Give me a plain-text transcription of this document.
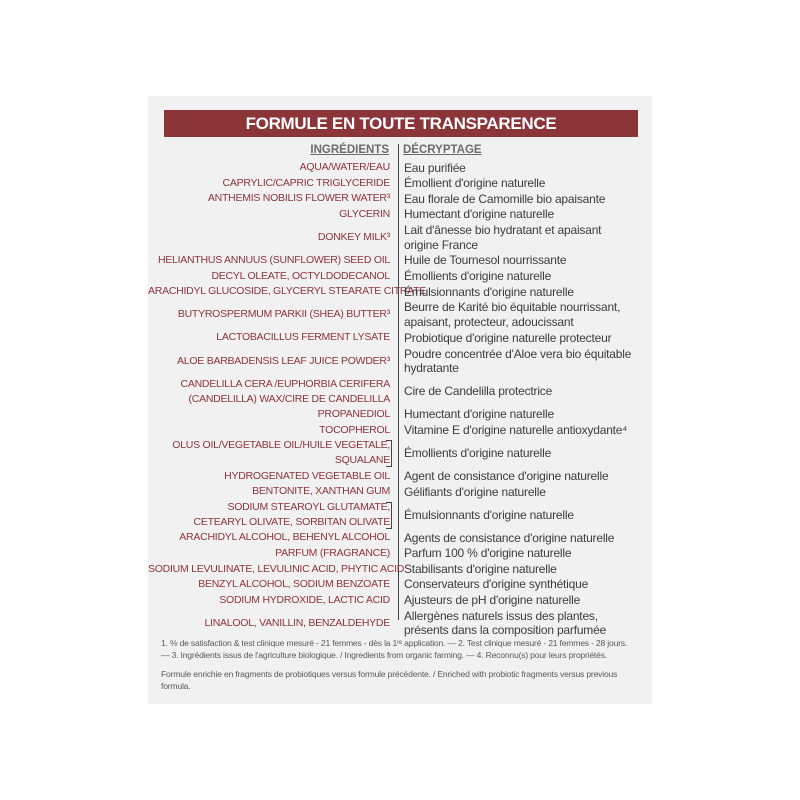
FORMULE EN TOUTE TRANSPARENCE
INGRÉDIENTS DÉCRYPTAGE
AQUA/WATER/EAU Eau purifiée
CAPRYLIC/CAPRIC TRIGLYCERIDE Émollient d'origine naturelle
ANTHEMIS NOBILIS FLOWER WATER³ Eau florale de Camomille bio apaisante
GLYCERIN Humectant d'origine naturelle
DONKEY MILK³ Lait d'ânesse bio hydratant et apaisant
origine France
HELIANTHUS ANNUUS (SUNFLOWER) SEED OIL Huile de Tournesol nourrissante
DECYL OLEATE, OCTYLDODECANOL Émollients d'origine naturelle
ARACHIDYL GLUCOSIDE, GLYCERYL STEARATE CITRATE
Émulsionnants d'origine naturelle
BUTYROSPERMUM PARKII (SHEA) BUTTER³ Beurre de Karité bio équitable nourrissant,
apaisant, protecteur, adoucissant
LACTOBACILLUS FERMENT LYSATE Probiotique d'origine naturelle protecteur
ALOE BARBADENSIS LEAF JUICE POWDER³ Poudre concentrée d'Aloe vera bio équitable
hydratante
CANDELILLA CERA /EUPHORBIA CERIFERA
(CANDELILLA) WAX/CIRE DE CANDELILLA
Cire de Candelilla protectrice
PROPANEDIOL Humectant d'origine naturelle
TOCOPHEROL Vitamine E d'origine naturelle antioxydante⁴
OLUS OIL/VEGETABLE OIL/HUILE VEGETALE,
SQUALANE
Émollients d'origine naturelle
HYDROGENATED VEGETABLE OIL Agent de consistance d'origine naturelle
BENTONITE, XANTHAN GUM Gélifiants d'origine naturelle
SODIUM STEAROYL GLUTAMATE,
CETEARYL OLIVATE, SORBITAN OLIVATE
Émulsionnants d'origine naturelle
ARACHIDYL ALCOHOL, BEHENYL ALCOHOL Agents de consistance d'origine naturelle
PARFUM (FRAGRANCE) Parfum 100 % d'origine naturelle
SODIUM LEVULINATE, LEVULINIC ACID, PHYTIC ACID Stabilisants d'origine naturelle
BENZYL ALCOHOL, SODIUM BENZOATE Conservateurs d'origine synthétique
SODIUM HYDROXIDE, LACTIC ACID Ajusteurs de pH d'origine naturelle
LINALOOL, VANILLIN, BENZALDEHYDE Allergènes naturels issus des plantes,
présents dans la composition parfumée
1. % de satisfaction & test clinique mesuré - 21 femmes - dès la 1ʳᵉ application. — 2. Test clinique mesuré - 21 femmes - 28 jours.
— 3. Ingrédients issus de l'agriculture biologique. / Ingredients from organic farming. — 4. Reconnu(s) pour leurs propriétés.
Formule enrichie en fragments de probiotiques versus formule précédente. / Enriched with probiotic fragments versus previous
formula.
